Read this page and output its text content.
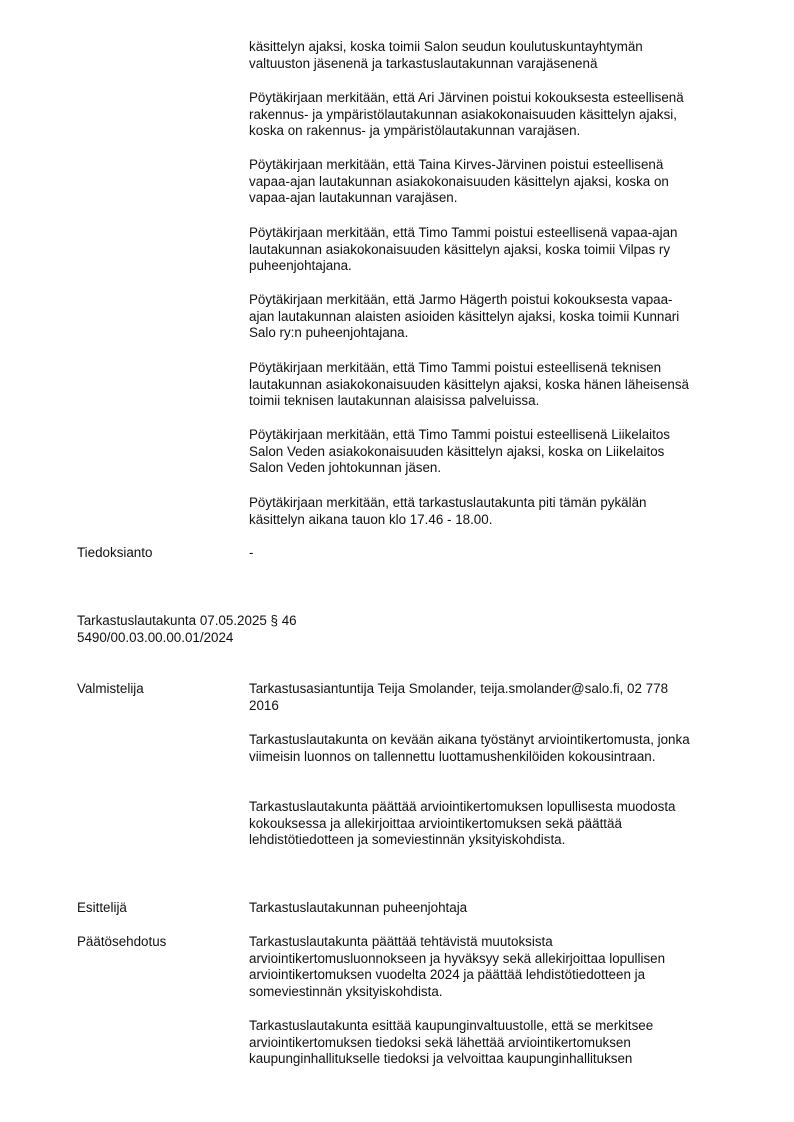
käsittelyn ajaksi, koska toimii Salon seudun koulutuskuntayhtymän
valtuuston jäsenenä ja tarkastuslautakunnan varajäsenenä

Pöytäkirjaan merkitään, että Ari Järvinen poistui kokouksesta esteellisenä
rakennus- ja ympäristölautakunnan asiakokonaisuuden käsittelyn ajaksi,
koska on rakennus- ja ympäristölautakunnan varajäsen.

Pöytäkirjaan merkitään, että Taina Kirves-Järvinen poistui esteellisenä
vapaa-ajan lautakunnan asiakokonaisuuden käsittelyn ajaksi, koska on
vapaa-ajan lautakunnan varajäsen.

Pöytäkirjaan merkitään, että Timo Tammi poistui esteellisenä vapaa-ajan
lautakunnan asiakokonaisuuden käsittelyn ajaksi, koska toimii Vilpas ry
puheenjohtajana.

Pöytäkirjaan merkitään, että Jarmo Hägerth poistui kokouksesta vapaa-
ajan lautakunnan alaisten asioiden käsittelyn ajaksi, koska toimii Kunnari
Salo ry:n puheenjohtajana.

Pöytäkirjaan merkitään, että Timo Tammi poistui esteellisenä teknisen
lautakunnan asiakokonaisuuden käsittelyn ajaksi, koska hänen läheisensä
toimii teknisen lautakunnan alaisissa palveluissa.

Pöytäkirjaan merkitään, että Timo Tammi poistui esteellisenä Liikelaitos
Salon Veden asiakokonaisuuden käsittelyn ajaksi, koska on Liikelaitos
Salon Veden johtokunnan jäsen.

Pöytäkirjaan merkitään, että tarkastuslautakunta piti tämän pykälän
käsittelyn aikana tauon klo 17.46 - 18.00.

Tiedoksianto	-

Tarkastuslautakunta 07.05.2025 § 46

5490/00.03.00.00.01/2024

Valmistelija	Tarkastusasiantuntija Teija Smolander, teija.smolander@salo.fi, 02 778
2016

Tarkastuslautakunta on kevään aikana työstänyt arviointikertomusta, jonka
viimeisin luonnos on tallennettu luottamushenkilöiden kokousintraan.

Tarkastuslautakunta päättää arviointikertomuksen lopullisesta muodosta
kokouksessa ja allekirjoittaa arviointikertomuksen sekä päättää
lehdistötiedotteen ja someviestinnän yksityiskohdista.

Esittelijä	Tarkastuslautakunnan puheenjohtaja

Päätösehdotus	Tarkastuslautakunta päättää tehtävistä muutoksista
arviointikertomusluonnokseen ja hyväksyy sekä allekirjoittaa lopullisen
arviointikertomuksen vuodelta 2024 ja päättää lehdistötiedotteen ja
someviestinnän yksityiskohdista.

Tarkastuslautakunta esittää kaupunginvaltuustolle, että se merkitsee
arviointikertomuksen tiedoksi sekä lähettää arviointikertomuksen
kaupunginhallitukselle tiedoksi ja velvoittaa kaupunginhallituksen
